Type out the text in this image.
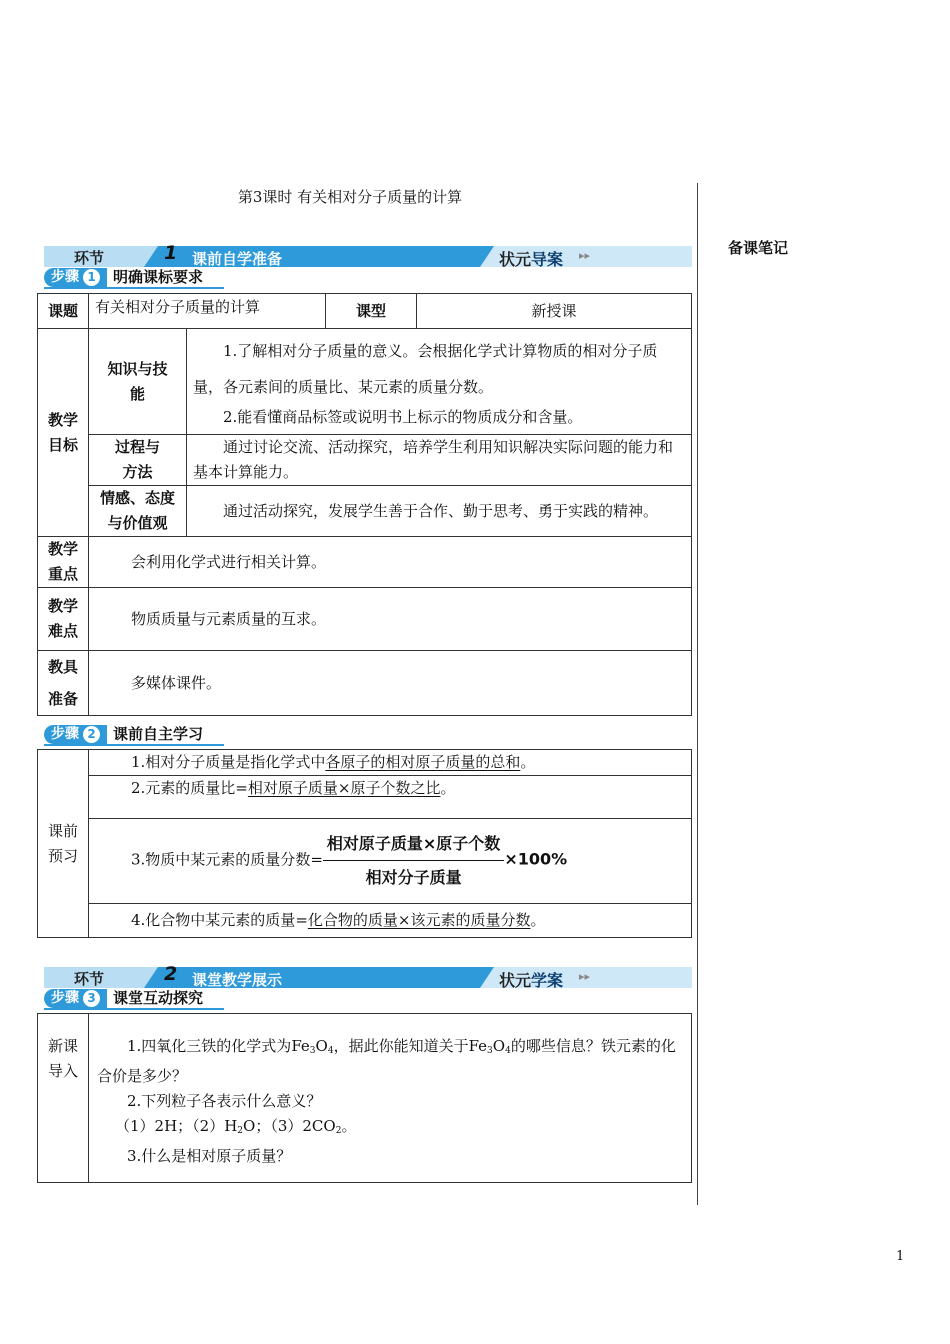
第3课时 有关相对分子质量的计算
备课笔记
环节	1 课前自学准备	状元导案 ▸▸
步骤 1 明确课标要求
课题	有关相对分子质量的计算		课型	新授课
教学目标	知识与技能	1.了解相对分子质量的意义。会根据化学式计算物质的相对分子质量，各元素间的质量比、某元素的质量分数。
2.能看懂商品标签或说明书上标示的物质成分和含量。		

	过程与方法	通过讨论交流、活动探究，培养学生利用知识解决实际问题的能力和基本计算能力。		
	情感、态度与价值观	通过活动探究，发展学生善于合作、勤于思考、勇于实践的精神。		
教学重点	会利用化学式进行相关计算。			
教学难点	物质质量与元素质量的互求。			
教具准备	多媒体课件。			
步骤 2 课前自主学习
课前预习	1.相对分子质量是指化学式中各原子的相对原子质量的总和。
2.元素的质量比=相对原子质量×原子个数之比。
3.物质中某元素的质量分数= $\frac{\text{相对原子质量×原子个数}}{\text{相对分子质量}} \times 100\%$
4.化合物中某元素的质量=化合物的质量×该元素的质量分数。
环节	2 课堂教学展示	状元学案 ▸▸
步骤 3 课堂互动探究
新课导入	
1.四氧化三铁的化学式为$Fe_3O_4$，据此你能知道关于$Fe_3O_4$的哪些信息？铁元素的化合价是多少？
2.下列粒子各表示什么意义？
（1）2H；$(2)H_2O$；$(3)2CO_2$。
3.什么是相对原子质量？
1
